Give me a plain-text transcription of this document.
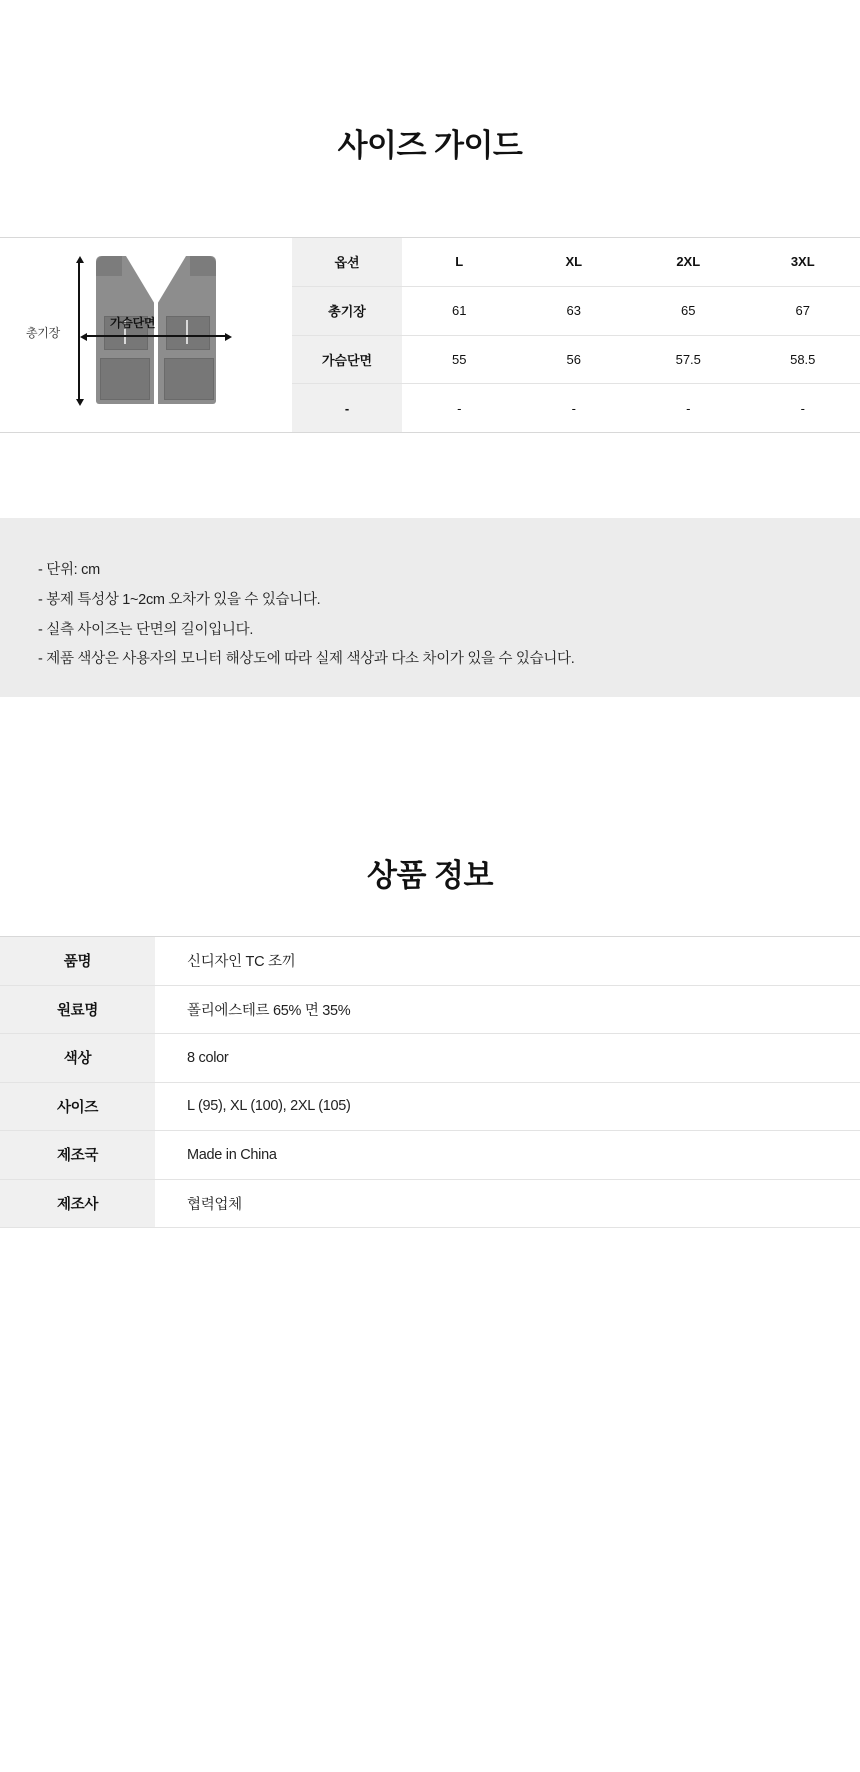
사이즈 가이드
가슴단면
총기장
옵션	L	XL	2XL	3XL
총기장	61	63	65	67
가슴단면	55	56	57.5	58.5
-	-	-	-	-

- 단위: cm

- 봉제 특성상 1~2cm 오차가 있을 수 있습니다.

- 실측 사이즈는 단면의 길이입니다.

- 제품 색상은 사용자의 모니터 해상도에 따라 실제 색상과 다소 차이가 있을 수 있습니다.

상품 정보
품명	신디자인 TC 조끼
원료명	폴리에스테르 65% 면 35%
색상	8 color
사이즈	L (95), XL (100), 2XL (105)
제조국	Made in China
제조사	협력업체
